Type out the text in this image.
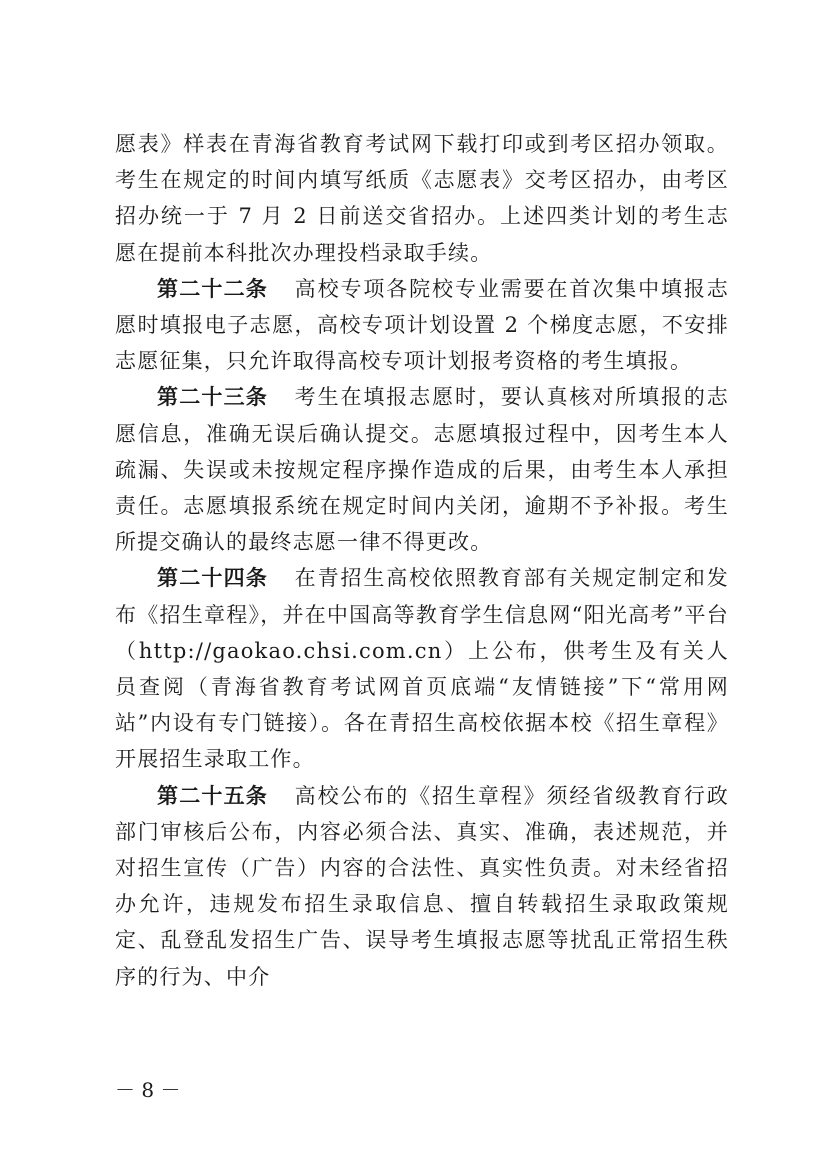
愿表》样表在青海省教育考试网下载打印或到考区招办领取。考生在规定的时间内填写纸质《志愿表》交考区招办，由考区招办统一于 7 月 2 日前送交省招办。上述四类计划的考生志愿在提前本科批次办理投档录取手续。

第二十二条 高校专项各院校专业需要在首次集中填报志愿时填报电子志愿，高校专项计划设置 2 个梯度志愿，不安排志愿征集，只允许取得高校专项计划报考资格的考生填报。

第二十三条 考生在填报志愿时，要认真核对所填报的志愿信息，准确无误后确认提交。志愿填报过程中，因考生本人疏漏、失误或未按规定程序操作造成的后果，由考生本人承担责任。志愿填报系统在规定时间内关闭，逾期不予补报。考生所提交确认的最终志愿一律不得更改。

第二十四条 在青招生高校依照教育部有关规定制定和发布《招生章程》，并在中国高等教育学生信息网“阳光高考”平台（http://gaokao.chsi.com.cn）上公布，供考生及有关人员查阅（青海省教育考试网首页底端“友情链接”下“常用网站”内设有专门链接）。各在青招生高校依据本校《招生章程》开展招生录取工作。

第二十五条 高校公布的《招生章程》须经省级教育行政部门审核后公布，内容必须合法、真实、准确，表述规范，并对招生宣传（广告）内容的合法性、真实性负责。对未经省招办允许，违规发布招生录取信息、擅自转载招生录取政策规定、乱登乱发招生广告、误导考生填报志愿等扰乱正常招生秩序的行为、中介

－ 8 －
